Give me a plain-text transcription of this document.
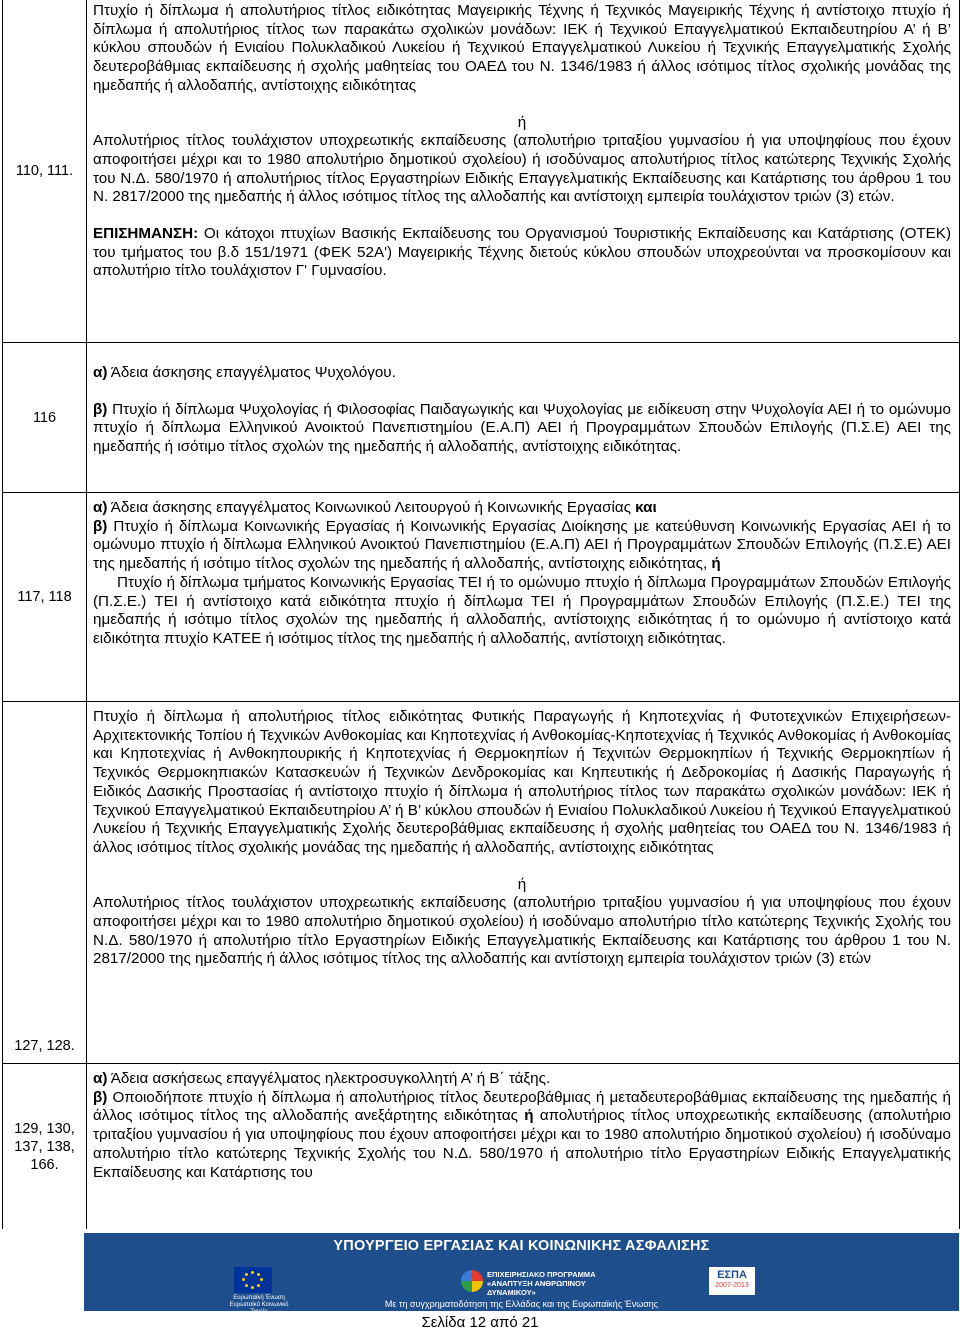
110, 111.

Πτυχίο ή δίπλωμα ή απολυτήριος τίτλος ειδικότητας Μαγειρικής Τέχνης ή Τεχνικός Μαγειρικής Τέχνης ή αντίστοιχο πτυχίο ή δίπλωμα ή απολυτήριος τίτλος των παρακάτω σχολικών μονάδων: ΙΕΚ ή Τεχνικού Επαγγελματικού Εκπαιδευτηρίου Α’ ή Β’ κύκλου σπουδών ή Ενιαίου Πολυκλαδικού Λυκείου ή Τεχνικού Επαγγελματικού Λυκείου ή Τεχνικής Επαγγελματικής Σχολής δευτεροβάθμιας εκπαίδευσης ή σχολής μαθητείας του ΟΑΕΔ του Ν. 1346/1983 ή άλλος ισότιμος τίτλος σχολικής μονάδας της ημεδαπής ή αλλοδαπής, αντίστοιχης ειδικότητας

ή

Απολυτήριος τίτλος τουλάχιστον υποχρεωτικής εκπαίδευσης (απολυτήριο τριταξίου γυμνασίου ή για υποψηφίους που έχουν αποφοιτήσει μέχρι και το 1980 απολυτήριο δημοτικού σχολείου) ή ισοδύναμος απολυτήριος τίτλος κατώτερης Τεχνικής Σχολής του Ν.Δ. 580/1970 ή απολυτήριος τίτλος Εργαστηρίων Ειδικής Επαγγελματικής Εκπαίδευσης και Κατάρτισης του άρθρου 1 του Ν. 2817/2000 της ημεδαπής ή άλλος ισότιμος τίτλος της αλλοδαπής και αντίστοιχη εμπειρία τουλάχιστον τριών (3) ετών.

ΕΠΙΣΗΜΑΝΣΗ: Οι κάτοχοι πτυχίων Βασικής Εκπαίδευσης του Οργανισμού Τουριστικής Εκπαίδευσης και Κατάρτισης (ΟΤΕΚ) του τμήματος του β.δ 151/1971 (ΦΕΚ 52Α') Μαγειρικής Τέχνης διετούς κύκλου σπουδών υποχρεούνται να προσκομίσουν και απολυτήριο τίτλο τουλάχιστον Γ' Γυμνασίου.

116

α) Άδεια άσκησης επαγγέλματος Ψυχολόγου.

β) Πτυχίο ή δίπλωμα Ψυχολογίας ή Φιλοσοφίας Παιδαγωγικής και Ψυχολογίας με ειδίκευση στην Ψυχολογία ΑΕΙ ή το ομώνυμο πτυχίο ή δίπλωμα Ελληνικού Ανοικτού Πανεπιστημίου (Ε.Α.Π) ΑΕΙ ή Προγραμμάτων Σπουδών Επιλογής (Π.Σ.Ε) ΑΕΙ της ημεδαπής ή ισότιμο τίτλος σχολών της ημεδαπής ή αλλοδαπής, αντίστοιχης ειδικότητας.

117, 118

α) Άδεια άσκησης επαγγέλματος Κοινωνικού Λειτουργού ή Κοινωνικής Εργασίας και

β) Πτυχίο ή δίπλωμα Κοινωνικής Εργασίας ή Κοινωνικής Εργασίας Διοίκησης με κατεύθυνση Κοινωνικής Εργασίας ΑΕΙ ή το ομώνυμο πτυχίο ή δίπλωμα Ελληνικού Ανοικτού Πανεπιστημίου (Ε.Α.Π) ΑΕΙ ή Προγραμμάτων Σπουδών Επιλογής (Π.Σ.Ε) ΑΕΙ της ημεδαπής ή ισότιμο τίτλος σχολών της ημεδαπής ή αλλοδαπής, αντίστοιχης ειδικότητας, ή
Πτυχίο ή δίπλωμα τμήματος Κοινωνικής Εργασίας ΤΕΙ ή το ομώνυμο πτυχίο ή δίπλωμα Προγραμμάτων Σπουδών Επιλογής (Π.Σ.Ε.) ΤΕΙ ή αντίστοιχο κατά ειδικότητα πτυχίο ή δίπλωμα ΤΕΙ ή Προγραμμάτων Σπουδών Επιλογής (Π.Σ.Ε.) ΤΕΙ της ημεδαπής ή ισότιμο τίτλος σχολών της ημεδαπής ή αλλοδαπής, αντίστοιχης ειδικότητας ή το ομώνυμο ή αντίστοιχο κατά ειδικότητα πτυχίο ΚΑΤΕΕ ή ισότιμος τίτλος της ημεδαπής ή αλλοδαπής, αντίστοιχη ειδικότητας.

127, 128.

Πτυχίο ή δίπλωμα ή απολυτήριος τίτλος ειδικότητας Φυτικής Παραγωγής ή Κηποτεχνίας ή Φυτοτεχνικών Επιχειρήσεων- Αρχιτεκτονικής Τοπίου ή Τεχνικών Ανθοκομίας και Κηποτεχνίας ή Ανθοκομίας-Κηποτεχνίας ή Τεχνικός Ανθοκομίας ή Ανθοκομίας και Κηποτεχνίας ή Ανθοκηπουρικής ή Κηποτεχνίας ή Θερμοκηπίων ή Τεχνιτών Θερμοκηπίων ή Τεχνικής Θερμοκηπίων ή Τεχνικός Θερμοκηπιακών Κατασκευών ή Τεχνικών Δενδροκομίας και Κηπευτικής ή Δεδροκομίας ή Δασικής Παραγωγής ή Ειδικός Δασικής Προστασίας ή αντίστοιχο πτυχίο ή δίπλωμα ή απολυτήριος τίτλος των παρακάτω σχολικών μονάδων: ΙΕΚ ή Τεχνικού Επαγγελματικού Εκπαιδευτηρίου Α’ ή Β’ κύκλου σπουδών ή Ενιαίου Πολυκλαδικού Λυκείου ή Τεχνικού Επαγγελματικού Λυκείου ή Τεχνικής Επαγγελματικής Σχολής δευτεροβάθμιας εκπαίδευσης ή σχολής μαθητείας του ΟΑΕΔ του Ν. 1346/1983 ή άλλος ισότιμος τίτλος σχολικής μονάδας της ημεδαπής ή αλλοδαπής, αντίστοιχης ειδικότητας

ή

Απολυτήριος τίτλος τουλάχιστον υποχρεωτικής εκπαίδευσης (απολυτήριο τριταξίου γυμνασίου ή για υποψηφίους που έχουν αποφοιτήσει μέχρι και το 1980 απολυτήριο δημοτικού σχολείου) ή ισοδύναμο απολυτήριο τίτλο κατώτερης Τεχνικής Σχολής του Ν.Δ. 580/1970 ή απολυτήριο τίτλο Εργαστηρίων Ειδικής Επαγγελματικής Εκπαίδευσης και Κατάρτισης του άρθρου 1 του Ν. 2817/2000 της ημεδαπής ή άλλος ισότιμος τίτλος της αλλοδαπής και αντίστοιχη εμπειρία τουλάχιστον τριών (3) ετών

129, 130, 137, 138, 166.

α) Άδεια ασκήσεως επαγγέλματος ηλεκτροσυγκολλητή Α’ ή Β΄ τάξης.

β) Οποιοδήποτε πτυχίο ή δίπλωμα ή απολυτήριος τίτλος δευτεροβάθμιας ή μεταδευτεροβάθμιας εκπαίδευσης της ημεδαπής ή άλλος ισότιμος τίτλος της αλλοδαπής ανεξάρτητης ειδικότητας ή απολυτήριος τίτλος υποχρεωτικής εκπαίδευσης (απολυτήριο τριταξίου γυμνασίου ή για υποψηφίους που έχουν αποφοιτήσει μέχρι και το 1980 απολυτήριο δημοτικού σχολείου) ή ισοδύναμο απολυτήριο τίτλο κατώτερης Τεχνικής Σχολής του Ν.Δ. 580/1970 ή απολυτήριο τίτλο Εργαστηρίων Ειδικής Επαγγελματικής Εκπαίδευσης και Κατάρτισης του

ΥΠΟΥΡΓΕΙΟ ΕΡΓΑΣΙΑΣ ΚΑΙ ΚΟΙΝΩΝΙΚΗΣ ΑΣΦΑΛΙΣΗΣ
Ευρωπαϊκή Ένωση Ευρωπαϊκό Κοινωνικό Ταμείο
ΕΠΙΧΕΙΡΗΣΙΑΚΟ ΠΡΟΓΡΑΜΜΑ «ΑΝΑΠΤΥΞΗ ΑΝΘΡΩΠΙΝΟΥ ΔΥΝΑΜΙΚΟΥ»
ΕΣΠΑ
2007-2013
Με τη συγχρηματοδότηση της Ελλάδας και της Ευρωπαϊκής Ένωσης
Σελίδα 12 από 21
